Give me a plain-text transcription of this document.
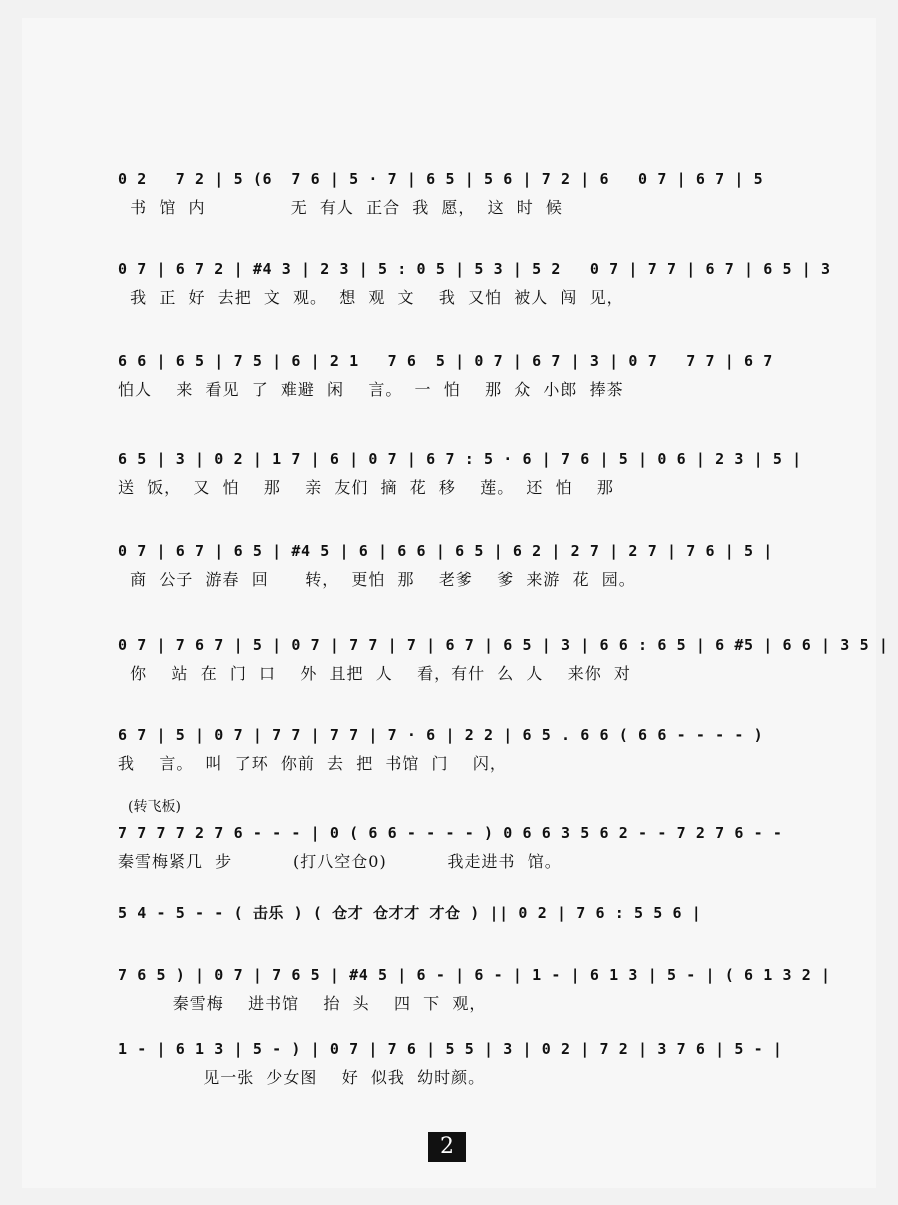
0 2   7 2 | 5 (6  7 6 | 5 · 7 | 6 5 | 5 6 | 7 2 | 6   0 7 | 6 7 | 5
书  馆  内              无  有人  正合  我  愿，  这  时  候
0 7 | 6 7 2 | #4 3 | 2 3 | 5 : 0 5 | 5 3 | 5 2   0 7 | 7 7 | 6 7 | 6 5 | 3
我  正  好  去把  文  观。  想  观  文    我  又怕  被人  闯  见，
6 6 | 6 5 | 7 5 | 6 | 2 1   7 6  5 | 0 7 | 6 7 | 3 | 0 7   7 7 | 6 7
怕人    来  看见  了  难避  闲    言。  一  怕    那  众  小郎  捧茶
6 5 | 3 | 0 2 | 1 7 | 6 | 0 7 | 6 7 : 5 · 6 | 7 6 | 5 | 0 6 | 2 3 | 5 |
送  饭，  又  怕    那    亲  友们  摘  花  移    莲。  还  怕    那
0 7 | 6 7 | 6 5 | #4 5 | 6 | 6 6 | 6 5 | 6 2 | 2 7 | 2 7 | 7 6 | 5 |
商  公子  游春  回      转，  更怕  那    老爹    爹  来游  花  园。
0 7 | 7 6 7 | 5 | 0 7 | 7 7 | 7 | 6 7 | 6 5 | 3 | 6 6 : 6 5 | 6 #5 | 6 6 | 3 5 |
你    站  在  门  口    外  且把  人    看，有什  么  人    来你  对
6 7 | 5 | 0 7 | 7 7 | 7 7 | 7 · 6 | 2 2 | 6 5 . 6 6 ( 6 6 - - - - )
我    言。  叫  了环  你前  去  把  书馆  门    闪，
(转飞板)
7 7 7 7 2 7 6 - - - | 0 ( 6 6 - - - - ) 0 6 6 3 5 6 2 - - 7 2 7 6 - -
秦雪梅紧几  步          (打八空仓0)          我走进书  馆。
5 4 - 5 - - ( 击乐 ) ( 仓才 仓才才 才仓 ) || 0 2 | 7 6 : 5 5 6 |
7 6 5 ) | 0 7 | 7 6 5 | #4 5 | 6 - | 6 - | 1 - | 6 1 3 | 5 - | ( 6 1 3 2 |
秦雪梅    进书馆    抬  头    四  下  观，
1 - | 6 1 3 | 5 - ) | 0 7 | 7 6 | 5 5 | 3 | 0 2 | 7 2 | 3 7 6 | 5 - |
见一张  少女图    好  似我  幼时颜。
2
